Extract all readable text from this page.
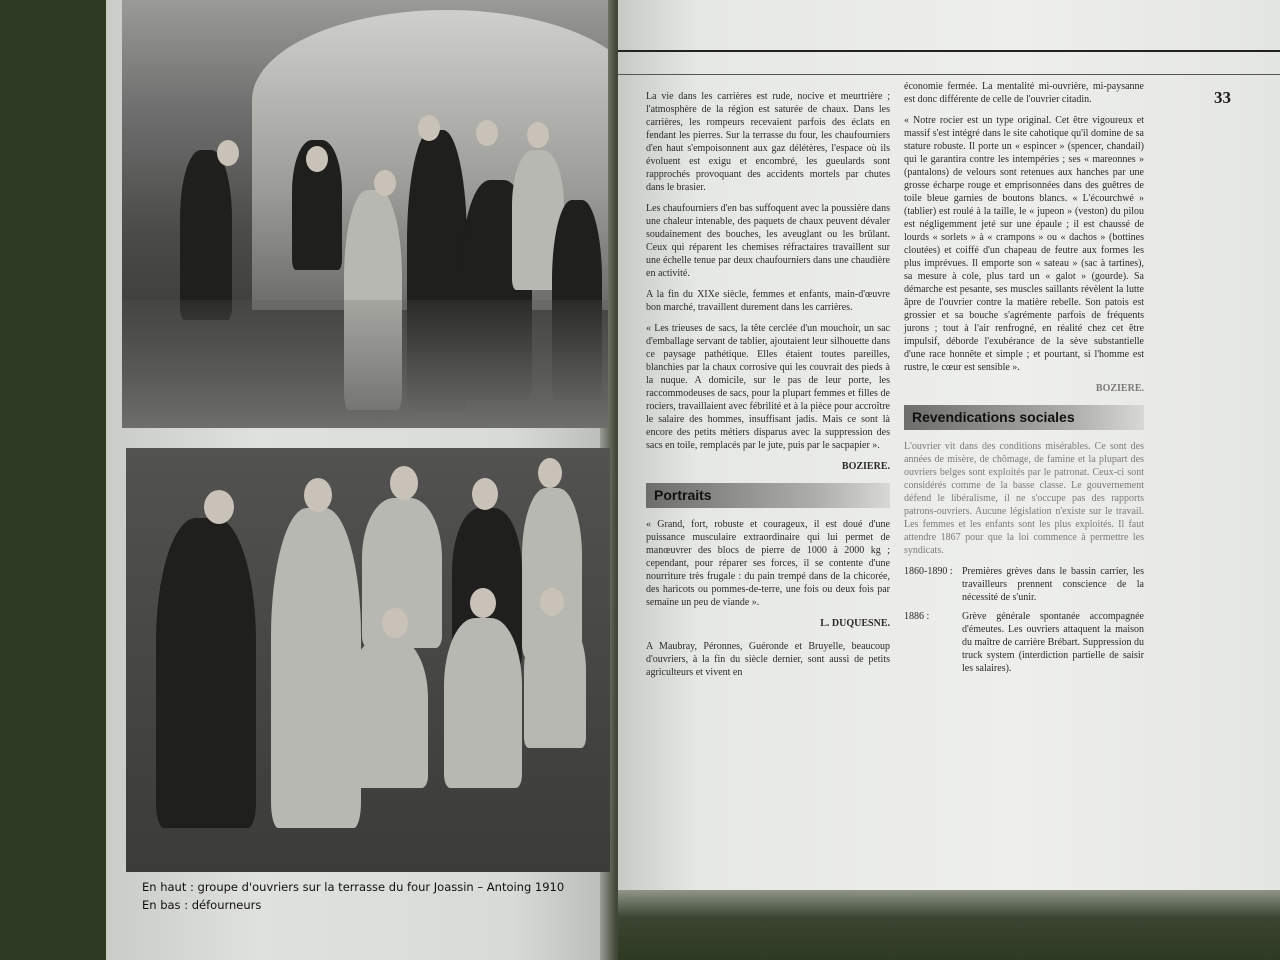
En haut : groupe d'ouvriers sur la terrasse du four Joassin – Antoing 1910
En bas : défourneurs
33

La vie dans les carrières est rude, nocive et meurtrière ; l'atmosphère de la région est saturée de chaux. Dans les carrières, les rompeurs recevaient parfois des éclats en fendant les pierres. Sur la terrasse du four, les chaufourniers d'en haut s'empoisonnent aux gaz délétères, l'espace où ils évoluent est exigu et encombré, les gueulards sont rapprochés provoquant des accidents mortels par chutes dans le brasier.

Les chaufourniers d'en bas suffoquent avec la poussière dans une chaleur intenable, des paquets de chaux peuvent dévaler soudainement des bouches, les aveuglant ou les brûlant. Ceux qui réparent les chemises réfractaires travaillent sur une échelle tenue par deux chaufourniers dans une chaudière en activité.

A la fin du XIXe siècle, femmes et enfants, main-d'œuvre bon marché, travaillent durement dans les carrières.

« Les trieuses de sacs, la tête cerclée d'un mouchoir, un sac d'emballage servant de tablier, ajoutaient leur silhouette dans ce paysage pathétique. Elles étaient toutes pareilles, blanchies par la chaux corrosive qui les couvrait des pieds à la nuque. A domicile, sur le pas de leur porte, les raccommodeuses de sacs, pour la plupart femmes et filles de rociers, travaillaient avec fébrilité et à la pièce pour accroître le salaire des hommes, insuffisant jadis. Mais ce sont là encore des petits métiers disparus avec la suppression des sacs en toile, remplacés par le jute, puis par le sacpapier ».

BOZIERE.
Portraits

« Grand, fort, robuste et courageux, il est doué d'une puissance musculaire extraordinaire qui lui permet de manœuvrer des blocs de pierre de 1000 à 2000 kg ; cependant, pour réparer ses forces, il se contente d'une nourriture très frugale : du pain trempé dans de la chicorée, des haricots ou pommes-de-terre, une fois ou deux fois par semaine un peu de viande ».

L. DUQUESNE.

A Maubray, Péronnes, Guéronde et Bruyelle, beaucoup d'ouvriers, à la fin du siècle dernier, sont aussi de petits agriculteurs et vivent en

économie fermée. La mentalité mi-ouvrière, mi-paysanne est donc différente de celle de l'ouvrier citadin.

« Notre rocier est un type original. Cet être vigoureux et massif s'est intégré dans le site cahotique qu'il domine de sa stature robuste. Il porte un « espincer » (spencer, chandail) qui le garantira contre les intempéries ; ses « mareonnes » (pantalons) de velours sont retenues aux hanches par une grosse écharpe rouge et emprisonnées dans des guêtres de toile bleue garnies de boutons blancs. « L'écourchwé » (tablier) est roulé à la taille, le « jupeon » (veston) du pilou est négligemment jeté sur une épaule ; il est chaussé de lourds « sorlets » à « crampons » ou « dachos » (bottines cloutées) et coiffé d'un chapeau de feutre aux formes les plus imprévues. Il emporte son « sateau » (sac à tartines), sa mesure à cole, plus tard un « galot » (gourde). Sa démarche est pesante, ses muscles saillants révèlent la lutte âpre de l'ouvrier contre la matière rebelle. Son patois est grossier et sa bouche s'agrémente parfois de fréquents jurons ; tout à l'air renfrogné, en réalité chez cet être impulsif, déborde l'exubérance de la sève substantielle d'une race honnête et simple ; et pourtant, si l'homme est rustre, le cœur est sensible ».

BOZIERE.
Revendications sociales

L'ouvrier vit dans des conditions misérables. Ce sont des années de misère, de chômage, de famine et la plupart des ouvriers belges sont exploités par le patronat. Ceux-ci sont considérés comme de la basse classe. Le gouvernement défend le libéralisme, il ne s'occupe pas des rapports patrons-ouvriers. Aucune législation n'existe sur le travail. Les femmes et les enfants sont les plus exploités. Il faut attendre 1867 pour que la loi commence à permettre les syndicats.

1860-1890 : Premières grèves dans le bassin carrier, les travailleurs prennent conscience de la nécessité de s'unir.
1886 :	Grève générale spontanée accompagnée d'émeutes. Les ouvriers attaquent la maison du maître de carrière Brébart. Suppression du truck system (interdiction partielle de saisir les salaires).
